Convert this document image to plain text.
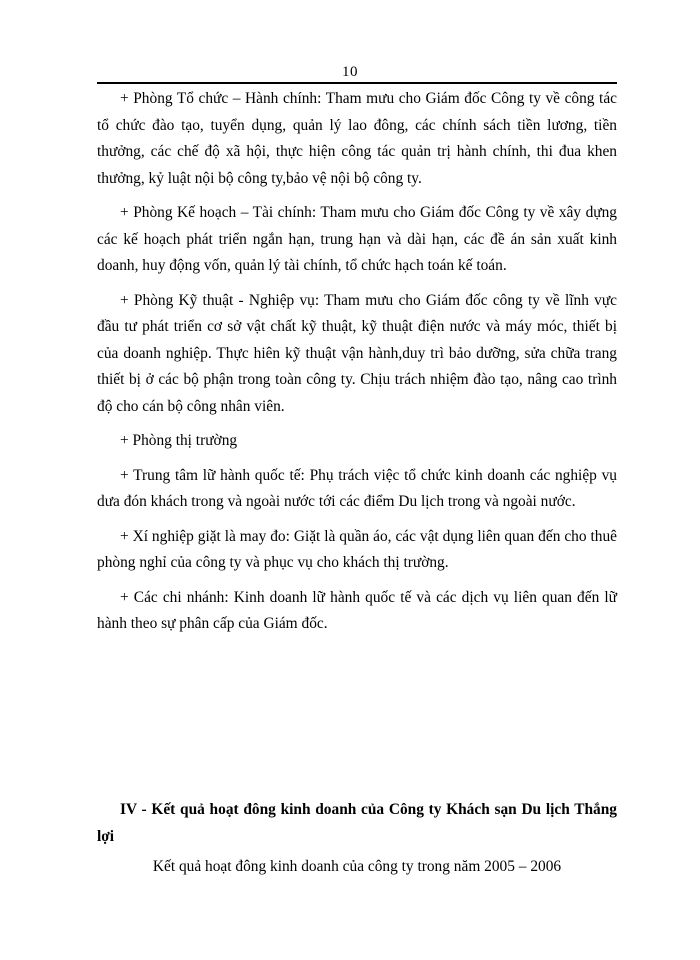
10

+ Phòng Tổ chức – Hành chính: Tham mưu cho Giám đốc Công ty về công tác tổ chức đào tạo, tuyển dụng, quản lý lao đông, các chính sách tiền lương, tiền thưởng, các chế độ xã hội, thực hiện công tác quản trị hành chính, thi đua khen thưởng, kỷ luật nội bộ công ty,bảo vệ nội bộ công ty.

+ Phòng Kế hoạch – Tài chính: Tham mưu cho Giám đốc Công ty về xây dựng các kế hoạch phát triển ngắn hạn, trung hạn và dài hạn, các đề án sản xuất kinh doanh, huy động vốn, quản lý tài chính, tổ chức hạch toán kế toán.

+ Phòng Kỹ thuật - Nghiệp vụ: Tham mưu cho Giám đốc công ty về lĩnh vực đầu tư phát triển cơ sở vật chất kỹ thuật, kỹ thuật điện nước và máy móc, thiết bị của doanh nghiệp. Thực hiên kỹ thuật vận hành,duy trì bảo dưỡng, sửa chữa trang thiết bị ở các bộ phận trong toàn công ty. Chịu trách nhiệm đào tạo, nâng cao trình độ cho cán bộ công nhân viên.

+ Phòng thị trường

+ Trung tâm lữ hành quốc tế: Phụ trách việc tổ chức kinh doanh các nghiệp vụ dưa đón khách trong và ngoài nước tới các điểm Du lịch trong và ngoài nước.

+ Xí nghiệp giặt là may đo: Giặt là quần áo, các vật dụng liên quan đến cho thuê phòng nghỉ của công ty và phục vụ cho khách thị trường.

+ Các chi nhánh: Kinh doanh lữ hành quốc tế và các dịch vụ liên quan đến lữ hành theo sự phân cấp của Giám đốc.

IV - Kết quả hoạt đông kinh doanh của Công ty Khách sạn Du lịch Thắng lợi

Kết quả hoạt đông kinh doanh của công ty trong năm 2005 – 2006
